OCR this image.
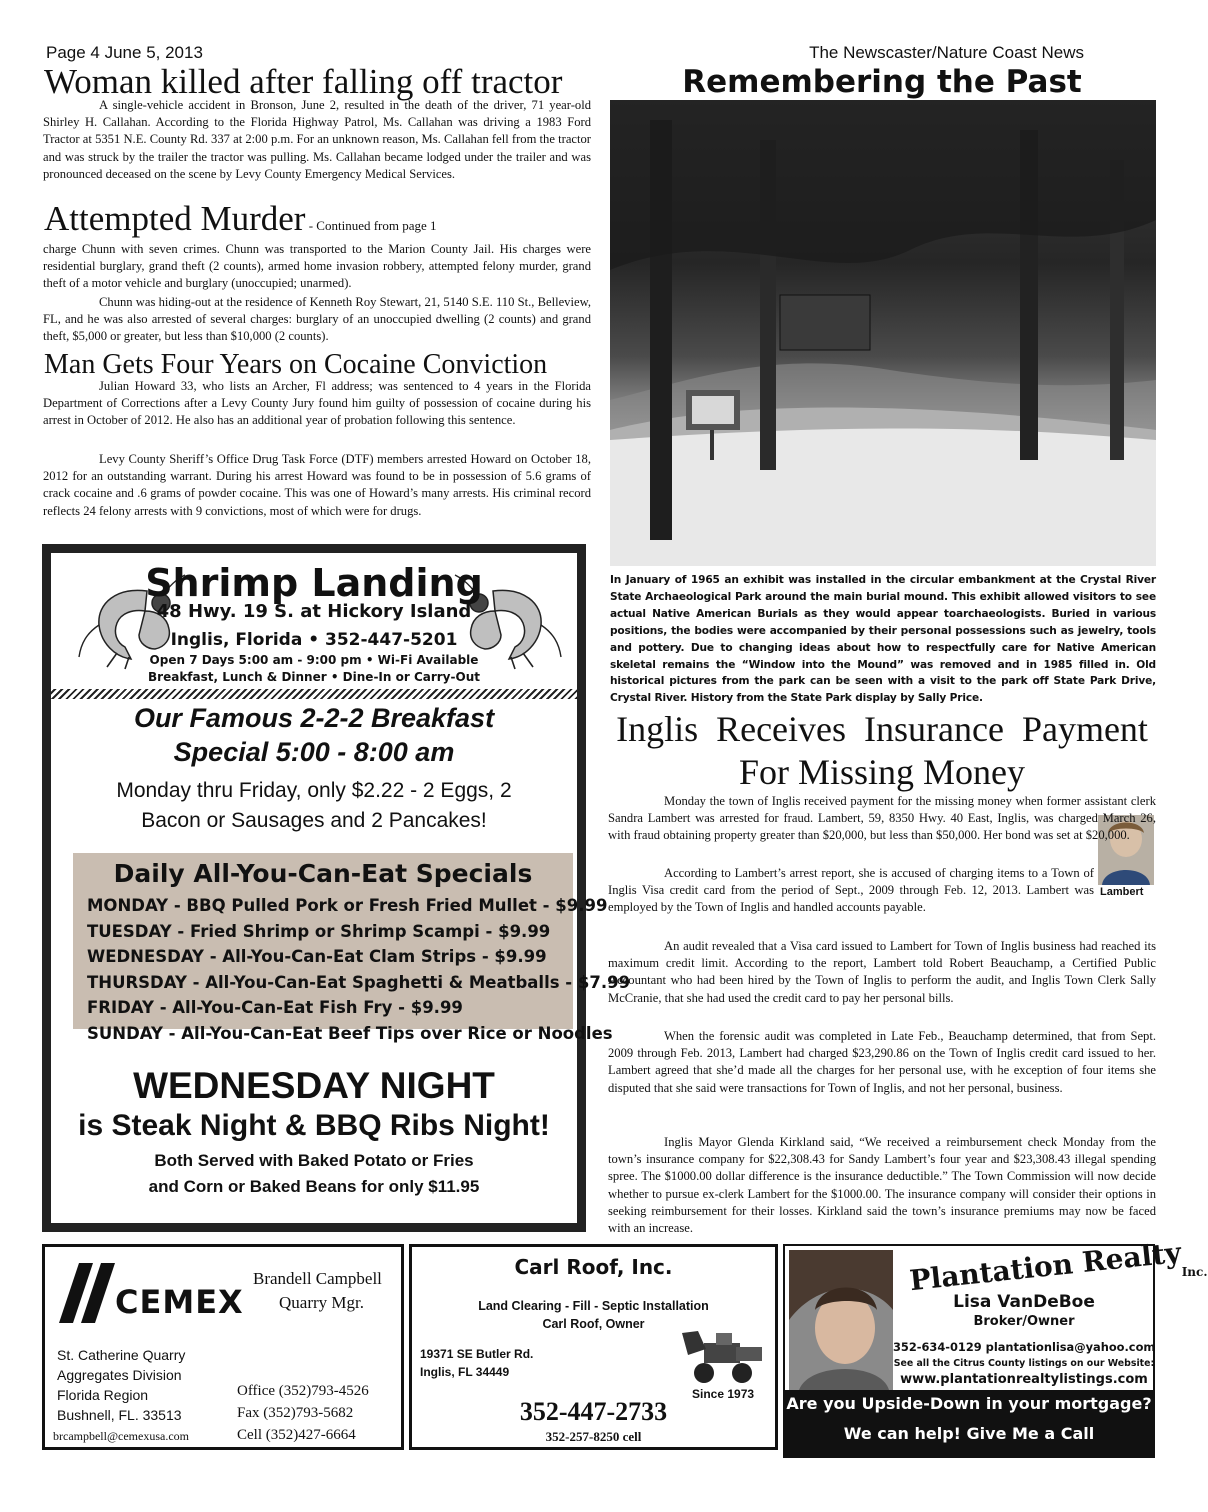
Page 4 June 5, 2013	The Newscaster/Nature Coast News
Woman killed after falling off tractor

A single-vehicle accident in Bronson, June 2, resulted in the death of the driver, 71 year-old Shirley H. Callahan. According to the Florida Highway Patrol, Ms. Callahan was driving a 1983 Ford Tractor at 5351 N.E. County Rd. 337 at 2:00 p.m. For an unknown reason, Ms. Callahan fell from the tractor and was struck by the trailer the tractor was pulling. Ms. Callahan became lodged under the trailer and was pronounced deceased on the scene by Levy County Emergency Medical Services.

Attempted Murder - Continued from page 1

charge Chunn with seven crimes. Chunn was transported to the Marion County Jail. His charges were residential burglary, grand theft (2 counts), armed home invasion robbery, attempted felony murder, grand theft of a motor vehicle and burglary (unoccupied; unarmed).

Chunn was hiding-out at the residence of Kenneth Roy Stewart, 21, 5140 S.E. 110 St., Belleview, FL, and he was also arrested of several charges: burglary of an unoccupied dwelling (2 counts) and grand theft, $5,000 or greater, but less than $10,000 (2 counts).

Man Gets Four Years on Cocaine Conviction

Julian Howard 33, who lists an Archer, Fl address; was sentenced to 4 years in the Florida Department of Corrections after a Levy County Jury found him guilty of possession of cocaine during his arrest in October of 2012. He also has an additional year of probation following this sentence.

Levy County Sheriff’s Office Drug Task Force (DTF) members arrested Howard on October 18, 2012 for an outstanding warrant. During his arrest Howard was found to be in possession of 5.6 grams of crack cocaine and .6 grams of powder cocaine. This was one of Howard’s many arrests. His criminal record reflects 24 felony arrests with 9 convictions, most of which were for drugs.

Shrimp Landing
48 Hwy. 19 S. at Hickory Island
Inglis, Florida • 352-447-5201
Open 7 Days 5:00 am - 9:00 pm • Wi-Fi Available
Breakfast, Lunch & Dinner • Dine-In or Carry-Out
Our Famous 2-2-2 Breakfast
Special 5:00 - 8:00 am
Monday thru Friday, only $2.22 - 2 Eggs, 2
Bacon or Sausages and 2 Pancakes!
Daily All-You-Can-Eat Specials
MONDAY - BBQ Pulled Pork or Fresh Fried Mullet - $9.99
TUESDAY - Fried Shrimp or Shrimp Scampi - $9.99
WEDNESDAY - All-You-Can-Eat Clam Strips - $9.99
THURSDAY - All-You-Can-Eat Spaghetti & Meatballs - $7.99
FRIDAY - All-You-Can-Eat Fish Fry - $9.99
SUNDAY - All-You-Can-Eat Beef Tips over Rice or Noodles
WEDNESDAY NIGHT
is Steak Night & BBQ Ribs Night!
Both Served with Baked Potato or Fries
and Corn or Baked Beans for only $11.95
Remembering the Past

In January of 1965 an exhibit was installed in the circular embankment at the Crystal River State Archaeological Park around the main burial mound. This exhibit allowed visitors to see actual Native American Burials as they would appear toarchaeologists. Buried in various positions, the bodies were accompanied by their personal possessions such as jewelry, tools and pottery. Due to changing ideas about how to respectfully care for Native American skeletal remains the “Window into the Mound” was removed and in 1985 filled in. Old historical pictures from the park can be seen with a visit to the park off State Park Drive, Crystal River. History from the State Park display by Sally Price.

Inglis  Receives  Insurance  Payment
For Missing Money
Lambert

Monday the town of Inglis received payment for the missing money when former assistant clerk Sandra Lambert was arrested for fraud. Lambert, 59, 8350 Hwy. 40 East, Inglis, was charged March 26, with fraud obtaining property greater than $20,000, but less than $50,000. Her bond was set at $20,000.

According to Lambert’s arrest report, she is accused of charging items to a Town of Inglis Visa credit card from the period of Sept., 2009 through Feb. 12, 2013. Lambert was employed by the Town of Inglis and handled accounts payable.

An audit revealed that a Visa card issued to Lambert for Town of Inglis business had reached its maximum credit limit. According to the report, Lambert told Robert Beauchamp, a Certified Public Accountant who had been hired by the Town of Inglis to perform the audit, and Inglis Town Clerk Sally McCranie, that she had used the credit card to pay her personal bills.

When the forensic audit was completed in Late Feb., Beauchamp determined, that from Sept. 2009 through Feb. 2013, Lambert had charged $23,290.86 on the Town of Inglis credit card issued to her. Lambert agreed that she’d made all the charges for her personal use, with he exception of four items she disputed that she said were transactions for Town of Inglis, and not her personal, business.

Inglis Mayor Glenda Kirkland said, “We received a reimbursement check Monday from the town’s insurance company for $22,308.43 for Sandy Lambert’s four year and $23,308.43 illegal spending spree. The $1000.00 dollar difference is the insurance deductible.” The Town Commission will now decide whether to pursue ex-clerk Lambert for the $1000.00. The insurance company will consider their options in seeking reimbursement for their losses. Kirkland said the town’s insurance premiums may now be faced with an increase.

CEMEX
Brandell Campbell
Quarry Mgr.
St. Catherine Quarry
Aggregates Division
Florida Region
Bushnell, FL. 33513
brcampbell@cemexusa.com
Office (352)793-4526
Fax (352)793-5682
Cell (352)427-6664
Carl Roof, Inc.
Land Clearing - Fill - Septic Installation
Carl Roof, Owner
19371 SE Butler Rd.
Inglis, FL 34449
Since 1973
352-447-2733
352-257-8250 cell
Plantation RealtyInc.
Lisa VanDeBoe
Broker/Owner
352-634-0129 plantationlisa@yahoo.com
See all the Citrus County listings on our Website:
www.plantationrealtylistings.com
Are you Upside-Down in your mortgage?
We can help! Give Me a Call
